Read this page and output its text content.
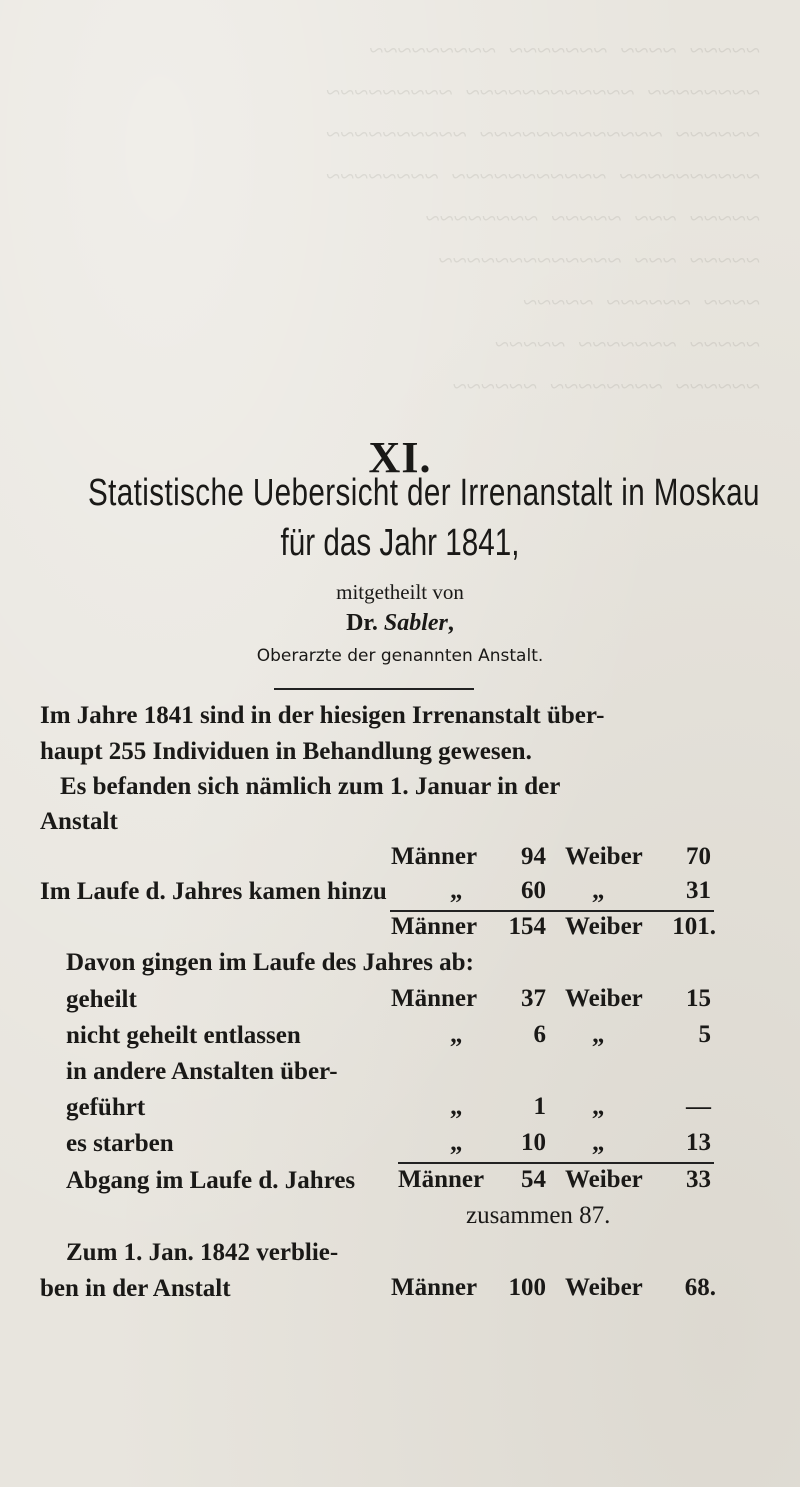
~~~~~  ~~~~  ~~~~~~~  ~~~~~~~~~
~~~~~~~~  ~~~~~~~~~~~~  ~~~~~~~~~
~~~~~~  ~~~~~~~~~~~~~  ~~~~~~~~~~
~~~~~~~~~~  ~~~~~~~~~~~  ~~~~~~~~
~~~~~  ~~~  ~~~~~  ~~~~~~~~
~~~~~  ~~~  ~~~~~~~~~~~~~
~~~~  ~~~~~~  ~~~~~
~~~~~  ~~~~~~~  ~~~~~
~~~~~~  ~~~~~~~~  ~~~~~~
XI.
Statistische Uebersicht der Irrenanstalt in Moskau
für das Jahr 1841,
mitgetheilt von
Dr. Sabler,
Oberarzte der genannten Anstalt.
Im Jahre 1841 sind in der hiesigen Irrenanstalt über-
haupt 255 Individuen in Behandlung gewesen.
Es befanden sich nämlich zum 1. Januar in der
Anstalt
Männer	94 Weiber	70
Im Laufe d. Jahres kamen hinzu	„	60 „	31
Männer	154 Weiber	101.
Davon gingen im Laufe des Jahres ab:
geheilt	Männer	37 Weiber	15
nicht geheilt entlassen	„	6 „	5
in andere Anstalten über-
geführt	„	1 „	—
es starben	„	10 „	13
Abgang im Laufe d. Jahres Männer	54 Weiber	33
zusammen 87.
Zum 1. Jan. 1842 verblie-
ben in der Anstalt	Männer	100 Weiber	68.
